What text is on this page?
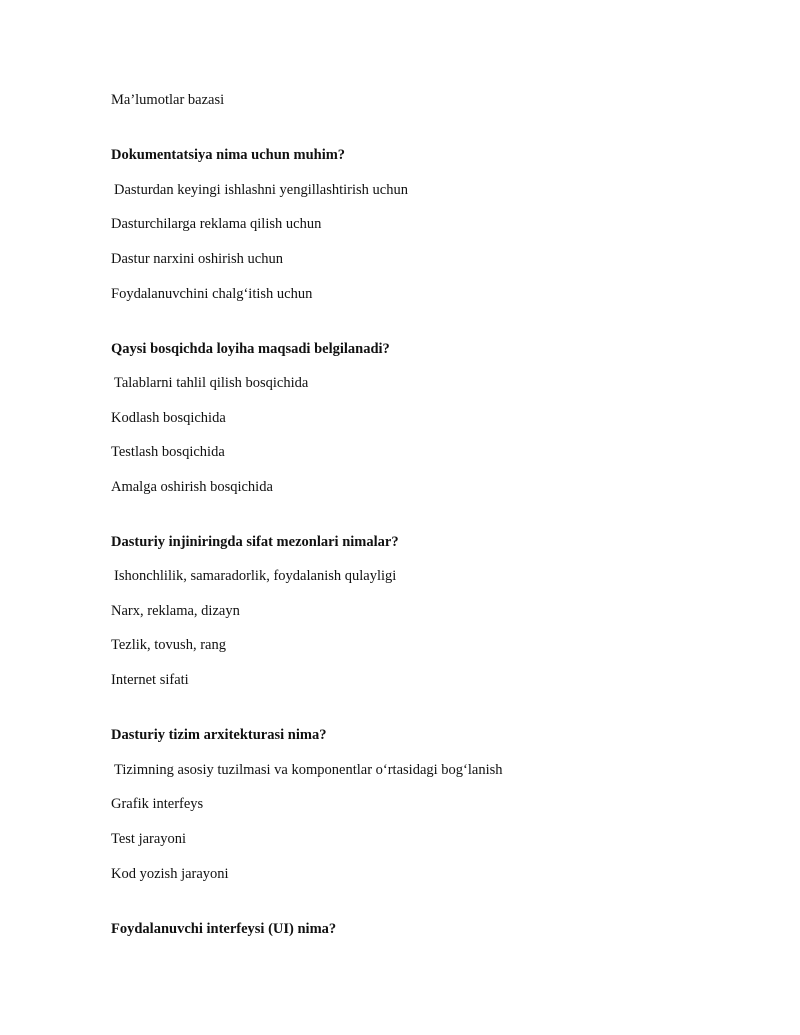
Ma’lumotlar bazasi
Dokumentatsiya nima uchun muhim?
Dasturdan keyingi ishlashni yengillashtirish uchun
Dasturchilarga reklama qilish uchun
Dastur narxini oshirish uchun
Foydalanuvchini chalg‘itish uchun
Qaysi bosqichda loyiha maqsadi belgilanadi?
Talablarni tahlil qilish bosqichida
Kodlash bosqichida
Testlash bosqichida
Amalga oshirish bosqichida
Dasturiy injiniringda sifat mezonlari nimalar?
Ishonchlilik, samaradorlik, foydalanish qulayligi
Narx, reklama, dizayn
Tezlik, tovush, rang
Internet sifati
Dasturiy tizim arxitekturasi nima?
Tizimning asosiy tuzilmasi va komponentlar o‘rtasidagi bog‘lanish
Grafik interfeys
Test jarayoni
Kod yozish jarayoni
Foydalanuvchi interfeysi (UI) nima?
